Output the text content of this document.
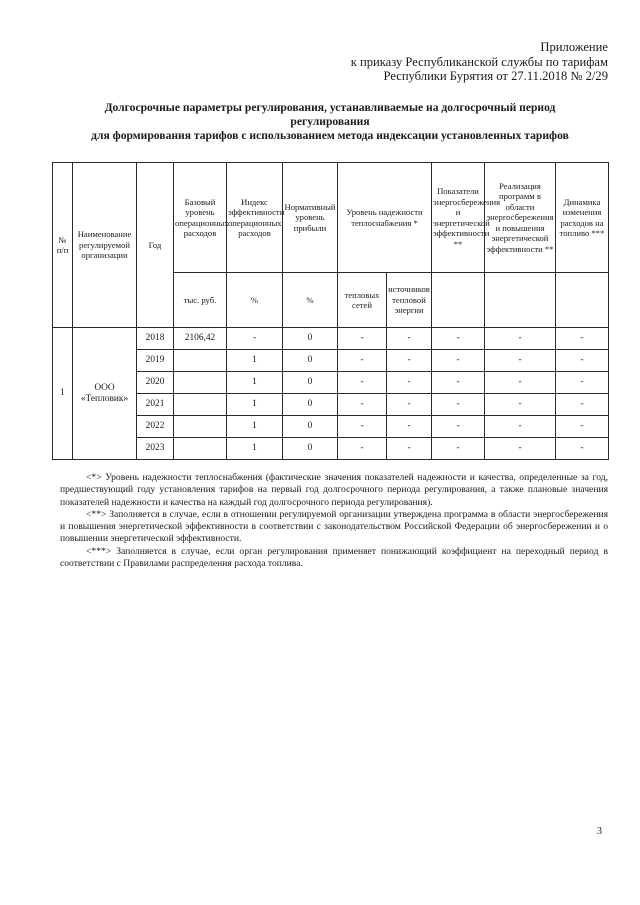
Приложение
к приказу Республиканской службы по тарифам
Республики Бурятия от 27.11.2018 № 2/29
Долгосрочные параметры регулирования, устанавливаемые на долгосрочный период
регулирования
для формирования тарифов с использованием метода индексации установленных тарифов
№ п/п	Наименование регулируемой организации	Год	Базовый уровень операционных расходов	Индекс эффективности операционных расходов	Нормативный уровень прибыли	Уровень надежности теплоснабжения *		Показатели энергосбережения и энергетической эффективности **	Реализация программ в области энергосбережения и повышения энергетической эффективности **	Динамика изменения расходов на топливо ***
			тыс. руб.	%	%	тепловых сетей	источников тепловой энергии			
1	ООО «Тепловик»	2018	2106,42	-	0	-	-	-	-	-
		2019		1	0	-	-	-	-	-
		2020		1	0	-	-	-	-	-
		2021		1	0	-	-	-	-	-
		2022		1	0	-	-	-	-	-
		2023		1	0	-	-	-	-	-

<*> Уровень надежности теплоснабжения (фактические значения показателей надежности и качества, определенные за год, предшествующий году установления тарифов на первый год долгосрочного периода регулирования, а также плановые значения показателей надежности и качества на каждый год долгосрочного периода регулирования).

<**> Заполняется в случае, если в отношении регулируемой организации утверждена программа в области энергосбережения и повышения энергетической эффективности в соответствии с законодательством Российской Федерации об энергосбережении и о повышении энергетической эффективности.

<***> Заполняется в случае, если орган регулирования применяет понижающий коэффициент на переходный период в соответствии с Правилами распределения расхода топлива.

3
